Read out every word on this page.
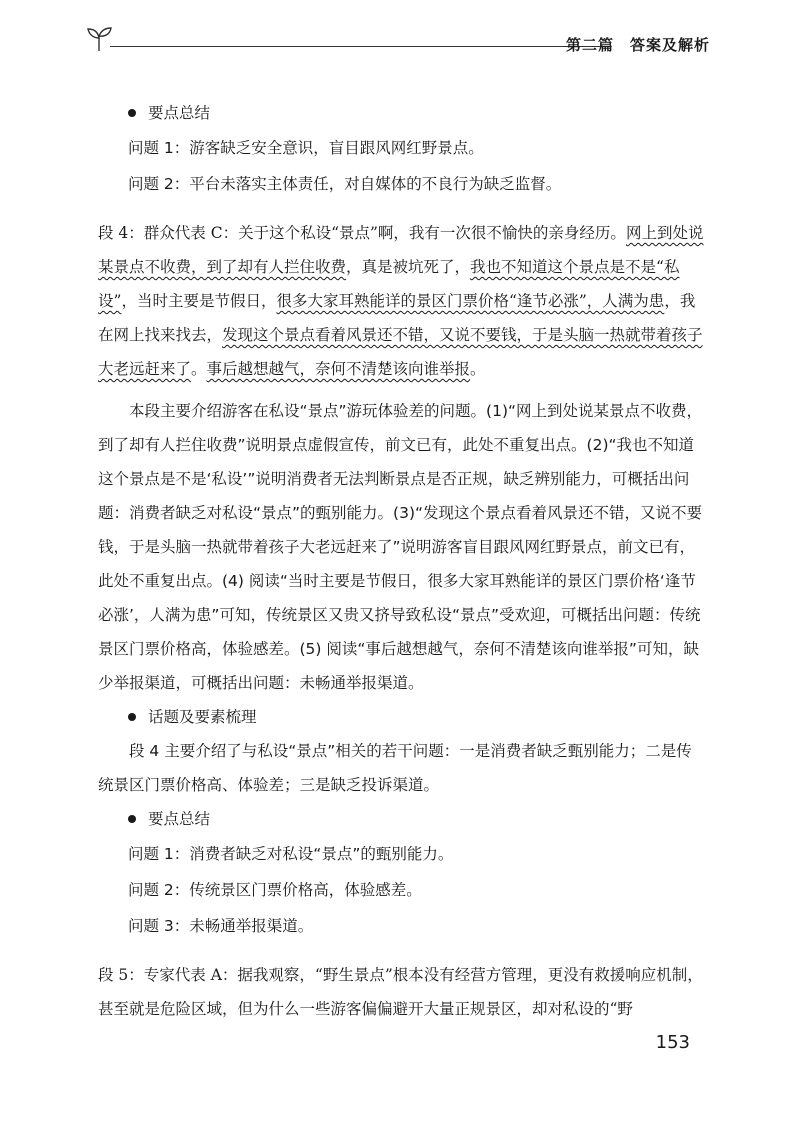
第二篇　答案及解析
要点总结
问题 1：游客缺乏安全意识，盲目跟风网红野景点。
问题 2：平台未落实主体责任，对自媒体的不良行为缺乏监督。

段 4：群众代表 C：关于这个私设“景点”啊，我有一次很不愉快的亲身经历。网上到处说某景点不收费，到了却有人拦住收费，真是被坑死了，我也不知道这个景点是不是“私设”，当时主要是节假日，很多大家耳熟能详的景区门票价格“逢节必涨”，人满为患，我在网上找来找去，发现这个景点看着风景还不错，又说不要钱，于是头脑一热就带着孩子大老远赶来了。事后越想越气，奈何不清楚该向谁举报。

本段主要介绍游客在私设“景点”游玩体验差的问题。(1)“网上到处说某景点不收费，到了却有人拦住收费”说明景点虚假宣传，前文已有，此处不重复出点。(2)“我也不知道这个景点是不是‘私设’”说明消费者无法判断景点是否正规，缺乏辨别能力，可概括出问题：消费者缺乏对私设“景点”的甄别能力。(3)“发现这个景点看着风景还不错，又说不要钱，于是头脑一热就带着孩子大老远赶来了”说明游客盲目跟风网红野景点，前文已有，此处不重复出点。(4) 阅读“当时主要是节假日，很多大家耳熟能详的景区门票价格‘逢节必涨’，人满为患”可知，传统景区又贵又挤导致私设“景点”受欢迎，可概括出问题：传统景区门票价格高，体验感差。(5) 阅读“事后越想越气，奈何不清楚该向谁举报”可知，缺少举报渠道，可概括出问题：未畅通举报渠道。

话题及要素梳理

段 4 主要介绍了与私设“景点”相关的若干问题：一是消费者缺乏甄别能力；二是传统景区门票价格高、体验差；三是缺乏投诉渠道。

要点总结
问题 1：消费者缺乏对私设“景点”的甄别能力。
问题 2：传统景区门票价格高，体验感差。
问题 3：未畅通举报渠道。

段 5：专家代表 A：据我观察，“野生景点”根本没有经营方管理，更没有救援响应机制，甚至就是危险区域，但为什么一些游客偏偏避开大量正规景区，却对私设的“野

153
